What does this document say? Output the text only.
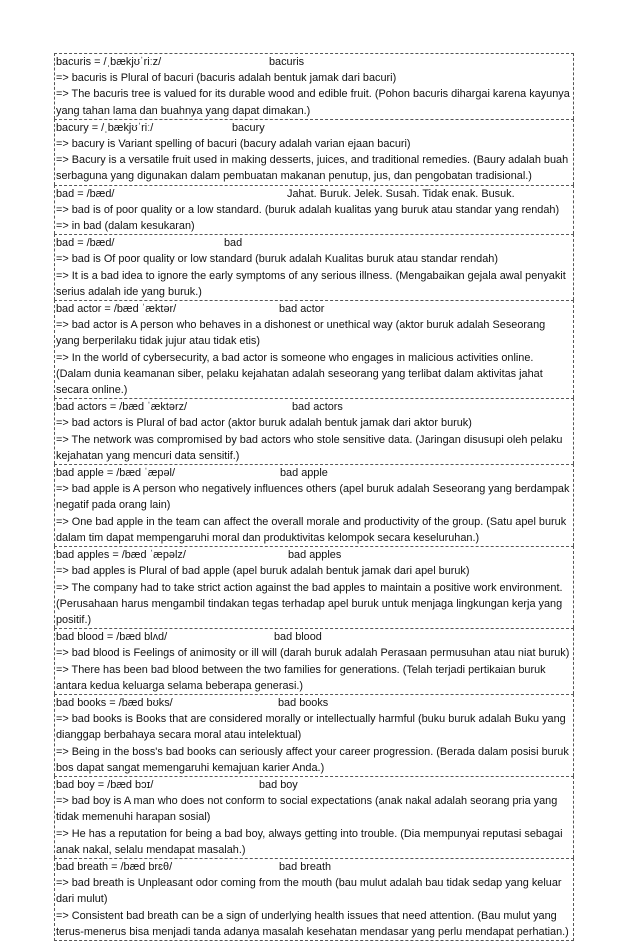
bacuris = /ˌbækjʊˈriːz/	bacuris
=> bacuris is Plural of bacuri (bacuris adalah bentuk jamak dari bacuri)
=> The bacuris tree is valued for its durable wood and edible fruit. (Pohon bacuris dihargai karena kayunya yang tahan lama dan buahnya yang dapat dimakan.)
bacury = /ˌbækjʊˈriː/	bacury
=> bacury is Variant spelling of bacuri (bacury adalah varian ejaan bacuri)
=> Bacury is a versatile fruit used in making desserts, juices, and traditional remedies. (Baury adalah buah serbaguna yang digunakan dalam pembuatan makanan penutup, jus, dan pengobatan tradisional.)
bad = /bæd/	Jahat. Buruk. Jelek. Susah. Tidak enak. Busuk.
=> bad is of poor quality or a low standard. (buruk adalah kualitas yang buruk atau standar yang rendah)
=> in bad (dalam kesukaran)
bad = /bæd/	bad
=> bad is Of poor quality or low standard (buruk adalah Kualitas buruk atau standar rendah)
=> It is a bad idea to ignore the early symptoms of any serious illness. (Mengabaikan gejala awal penyakit serius adalah ide yang buruk.)
bad actor = /bæd ˈæktər/	bad actor
=> bad actor is A person who behaves in a dishonest or unethical way (aktor buruk adalah Seseorang yang berperilaku tidak jujur atau tidak etis)
=> In the world of cybersecurity, a bad actor is someone who engages in malicious activities online. (Dalam dunia keamanan siber, pelaku kejahatan adalah seseorang yang terlibat dalam aktivitas jahat secara online.)
bad actors = /bæd ˈæktərz/	bad actors
=> bad actors is Plural of bad actor (aktor buruk adalah bentuk jamak dari aktor buruk)
=> The network was compromised by bad actors who stole sensitive data. (Jaringan disusupi oleh pelaku kejahatan yang mencuri data sensitif.)
bad apple = /bæd ˈæpəl/	bad apple
=> bad apple is A person who negatively influences others (apel buruk adalah Seseorang yang berdampak negatif pada orang lain)
=> One bad apple in the team can affect the overall morale and productivity of the group. (Satu apel buruk dalam tim dapat mempengaruhi moral dan produktivitas kelompok secara keseluruhan.)
bad apples = /bæd ˈæpəlz/	bad apples
=> bad apples is Plural of bad apple (apel buruk adalah bentuk jamak dari apel buruk)
=> The company had to take strict action against the bad apples to maintain a positive work environment. (Perusahaan harus mengambil tindakan tegas terhadap apel buruk untuk menjaga lingkungan kerja yang positif.)
bad blood = /bæd blʌd/	bad blood
=> bad blood is Feelings of animosity or ill will (darah buruk adalah Perasaan permusuhan atau niat buruk)
=> There has been bad blood between the two families for generations. (Telah terjadi pertikaian buruk antara kedua keluarga selama beberapa generasi.)
bad books = /bæd bʊks/	bad books
=> bad books is Books that are considered morally or intellectually harmful (buku buruk adalah Buku yang dianggap berbahaya secara moral atau intelektual)
=> Being in the boss's bad books can seriously affect your career progression. (Berada dalam posisi buruk bos dapat sangat memengaruhi kemajuan karier Anda.)
bad boy = /bæd bɔɪ/	bad boy
=> bad boy is A man who does not conform to social expectations (anak nakal adalah seorang pria yang tidak memenuhi harapan sosial)
=> He has a reputation for being a bad boy, always getting into trouble. (Dia mempunyai reputasi sebagai anak nakal, selalu mendapat masalah.)
bad breath = /bæd brɛθ/	bad breath
=> bad breath is Unpleasant odor coming from the mouth (bau mulut adalah bau tidak sedap yang keluar dari mulut)
=> Consistent bad breath can be a sign of underlying health issues that need attention. (Bau mulut yang terus-menerus bisa menjadi tanda adanya masalah kesehatan mendasar yang perlu mendapat perhatian.)
